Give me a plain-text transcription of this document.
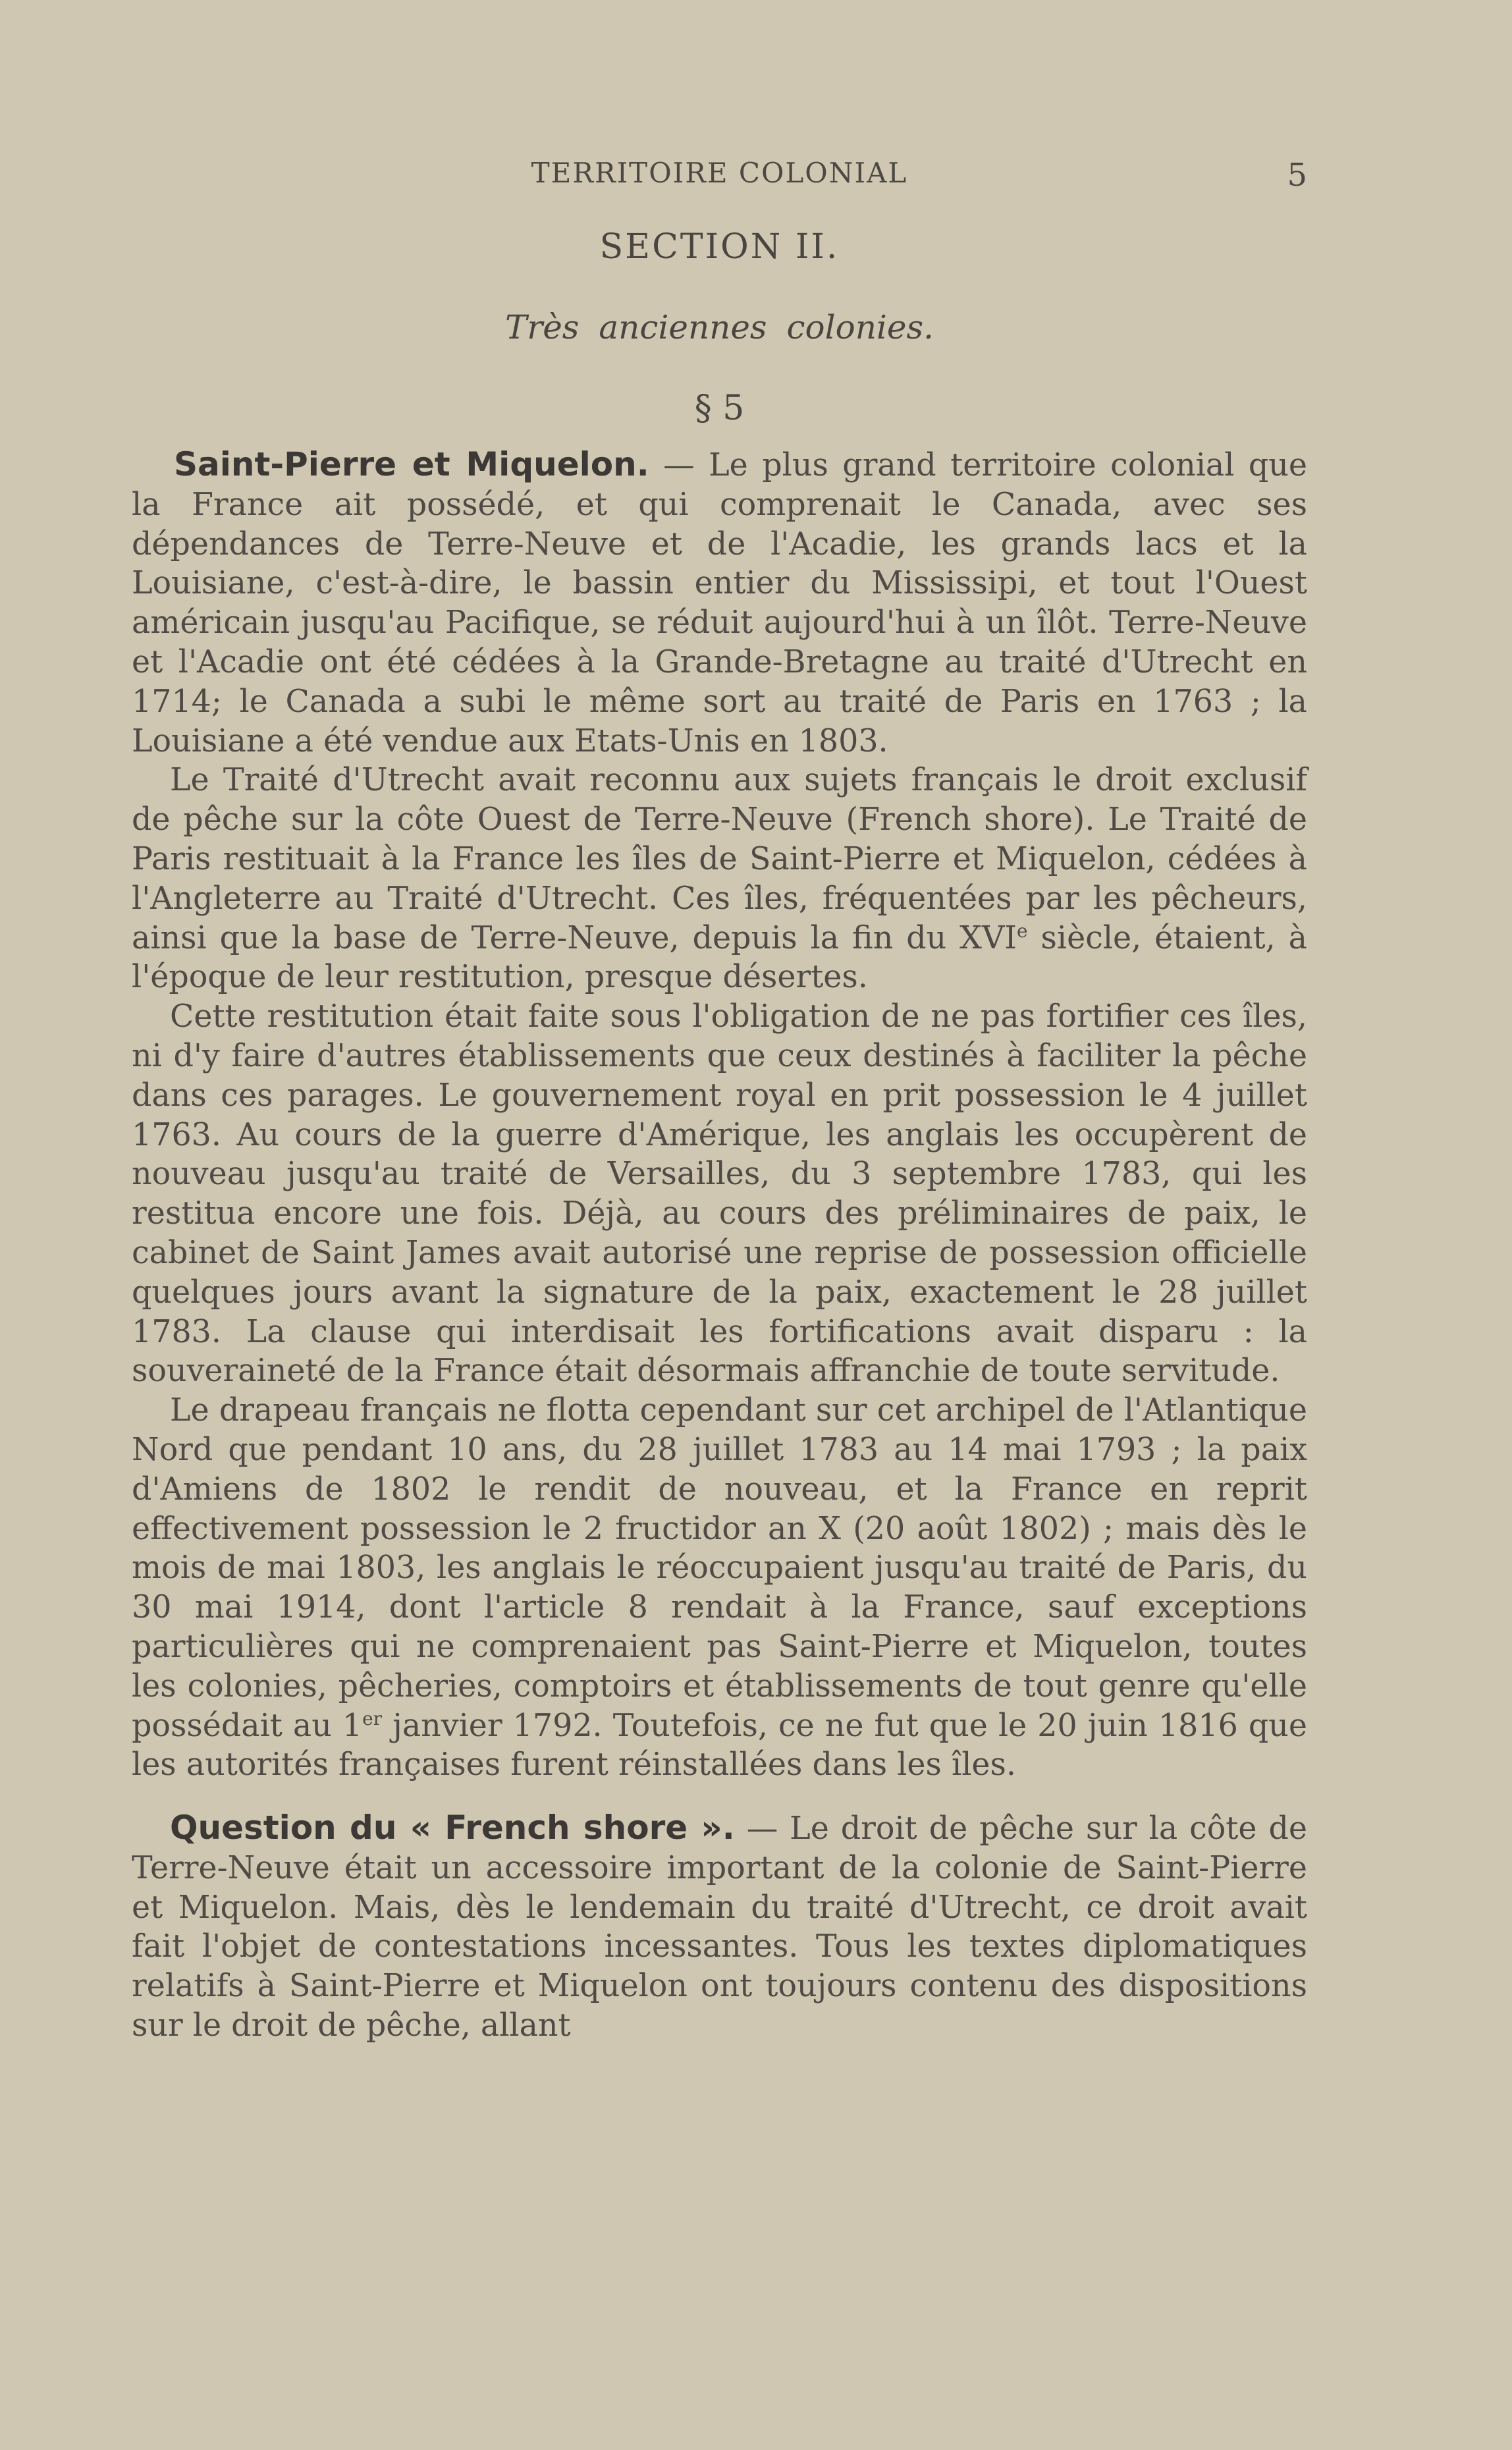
TERRITOIRE COLONIAL	5
SECTION II.
Très anciennes colonies.
§ 5

Saint-Pierre et Miquelon. — Le plus grand territoire colonial que la France ait possédé, et qui comprenait le Canada, avec ses dépendances de Terre-Neuve et de l'Acadie, les grands lacs et la Louisiane, c'est-à-dire, le bassin entier du Mississipi, et tout l'Ouest américain jusqu'au Pacifique, se réduit aujourd'hui à un îlôt. Terre-Neuve et l'Acadie ont été cédées à la Grande-Bretagne au traité d'Utrecht en 1714; le Canada a subi le même sort au traité de Paris en 1763 ; la Louisiane a été vendue aux Etats-Unis en 1803.

Le Traité d'Utrecht avait reconnu aux sujets français le droit exclusif de pêche sur la côte Ouest de Terre-Neuve (French shore). Le Traité de Paris restituait à la France les îles de Saint-Pierre et Miquelon, cédées à l'Angleterre au Traité d'Utrecht. Ces îles, fréquentées par les pêcheurs, ainsi que la base de Terre-Neuve, depuis la fin du XVIe siècle, étaient, à l'époque de leur restitution, presque désertes.

Cette restitution était faite sous l'obligation de ne pas fortifier ces îles, ni d'y faire d'autres établissements que ceux destinés à faciliter la pêche dans ces parages. Le gouvernement royal en prit possession le 4 juillet 1763. Au cours de la guerre d'Amérique, les anglais les occupèrent de nouveau jusqu'au traité de Versailles, du 3 septembre 1783, qui les restitua encore une fois. Déjà, au cours des préliminaires de paix, le cabinet de Saint James avait autorisé une reprise de possession officielle quelques jours avant la signature de la paix, exactement le 28 juillet 1783. La clause qui interdisait les fortifications avait disparu : la souveraineté de la France était désormais affranchie de toute servitude.

Le drapeau français ne flotta cependant sur cet archipel de l'Atlantique Nord que pendant 10 ans, du 28 juillet 1783 au 14 mai 1793 ; la paix d'Amiens de 1802 le rendit de nouveau, et la France en reprit effectivement possession le 2 fructidor an X (20 août 1802) ; mais dès le mois de mai 1803, les anglais le réoccupaient jusqu'au traité de Paris, du 30 mai 1914, dont l'article 8 rendait à la France, sauf exceptions particulières qui ne comprenaient pas Saint-Pierre et Miquelon, toutes les colonies, pêcheries, comptoirs et établissements de tout genre qu'elle possédait au 1er janvier 1792. Toutefois, ce ne fut que le 20 juin 1816 que les autorités françaises furent réinstallées dans les îles.

Question du « French shore ». — Le droit de pêche sur la côte de Terre-Neuve était un accessoire important de la colonie de Saint-Pierre et Miquelon. Mais, dès le lendemain du traité d'Utrecht, ce droit avait fait l'objet de contestations incessantes. Tous les textes diplomatiques relatifs à Saint-Pierre et Miquelon ont toujours contenu des dispositions sur le droit de pêche, allant
